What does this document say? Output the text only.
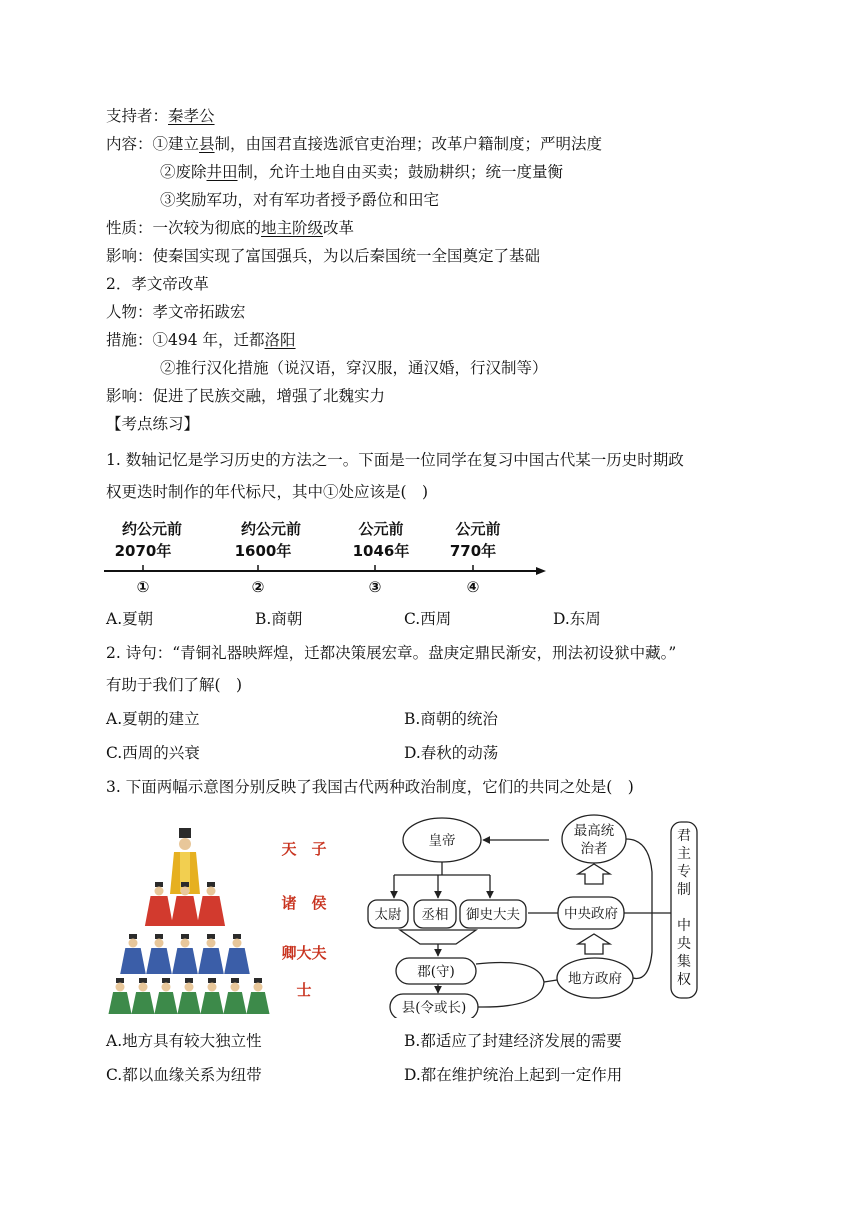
支持者：秦孝公
内容：①建立县制，由国君直接选派官吏治理；改革户籍制度；严明法度
②废除井田制，允许土地自由买卖；鼓励耕织；统一度量衡
③奖励军功，对有军功者授予爵位和田宅
性质：一次较为彻底的地主阶级改革
影响：使秦国实现了富国强兵，为以后秦国统一全国奠定了基础
2．孝文帝改革
人物：孝文帝拓跋宏
措施：①494 年，迁都洛阳
②推行汉化措施（说汉语，穿汉服，通汉婚，行汉制等）
影响：促进了民族交融，增强了北魏实力
【考点练习】
1. 数轴记忆是学习历史的方法之一。下面是一位同学在复习中国古代某一历史时期政
权更迭时制作的年代标尺，其中①处应该是(　)
约公元前	约公元前	公元前	公元前
2070年	1600年	1046年	770年
①	②	③	④
A.夏朝	B.商朝	C.西周	D.东周
2. 诗句：“青铜礼器映辉煌，迁都决策展宏章。盘庚定鼎民渐安，刑法初设狱中藏。”
有助于我们了解(　)
A.夏朝的建立	B.商朝的统治
C.西周的兴衰	D.春秋的动荡
3. 下面两幅示意图分别反映了我国古代两种政治制度，它们的共同之处是(　)
天　子
诸　侯
卿大夫
士
皇帝
最高统
治者
太尉 丞相 御史大夫	中央政府
郡(守)
县(令或长)
地方政府
君
主
专
制
中
央
集
权
A.地方具有较大独立性	B.都适应了封建经济发展的需要
C.都以血缘关系为纽带	D.都在维护统治上起到一定作用
